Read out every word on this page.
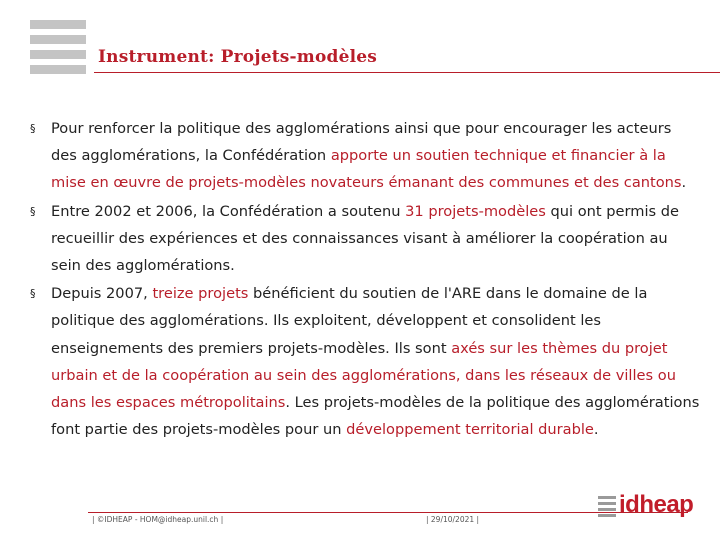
Instrument: Projets-modèles
§ Pour renforcer la politique des agglomérations ainsi que pour encourager les acteurs des agglomérations, la Confédération apporte un soutien technique et financier à la mise en œuvre de projets-modèles novateurs émanant des communes et des cantons.
§ Entre 2002 et 2006, la Confédération a soutenu 31 projets-modèles qui ont permis de recueillir des expériences et des connaissances visant à améliorer la coopération au sein des agglomérations.
§ Depuis 2007, treize projets bénéficient du soutien de l'ARE dans le domaine de la politique des agglomérations. Ils exploitent, développent et consolident les enseignements des premiers projets-modèles. Ils sont axés sur les thèmes du projet urbain et de la coopération au sein des agglomérations, dans les réseaux de villes ou dans les espaces métropolitains. Les projets-modèles de la politique des agglomérations font partie des projets-modèles pour un développement territorial durable.
| ©IDHEAP - HOM@idheap.unil.ch |	| 29/10/2021 |
idheap
